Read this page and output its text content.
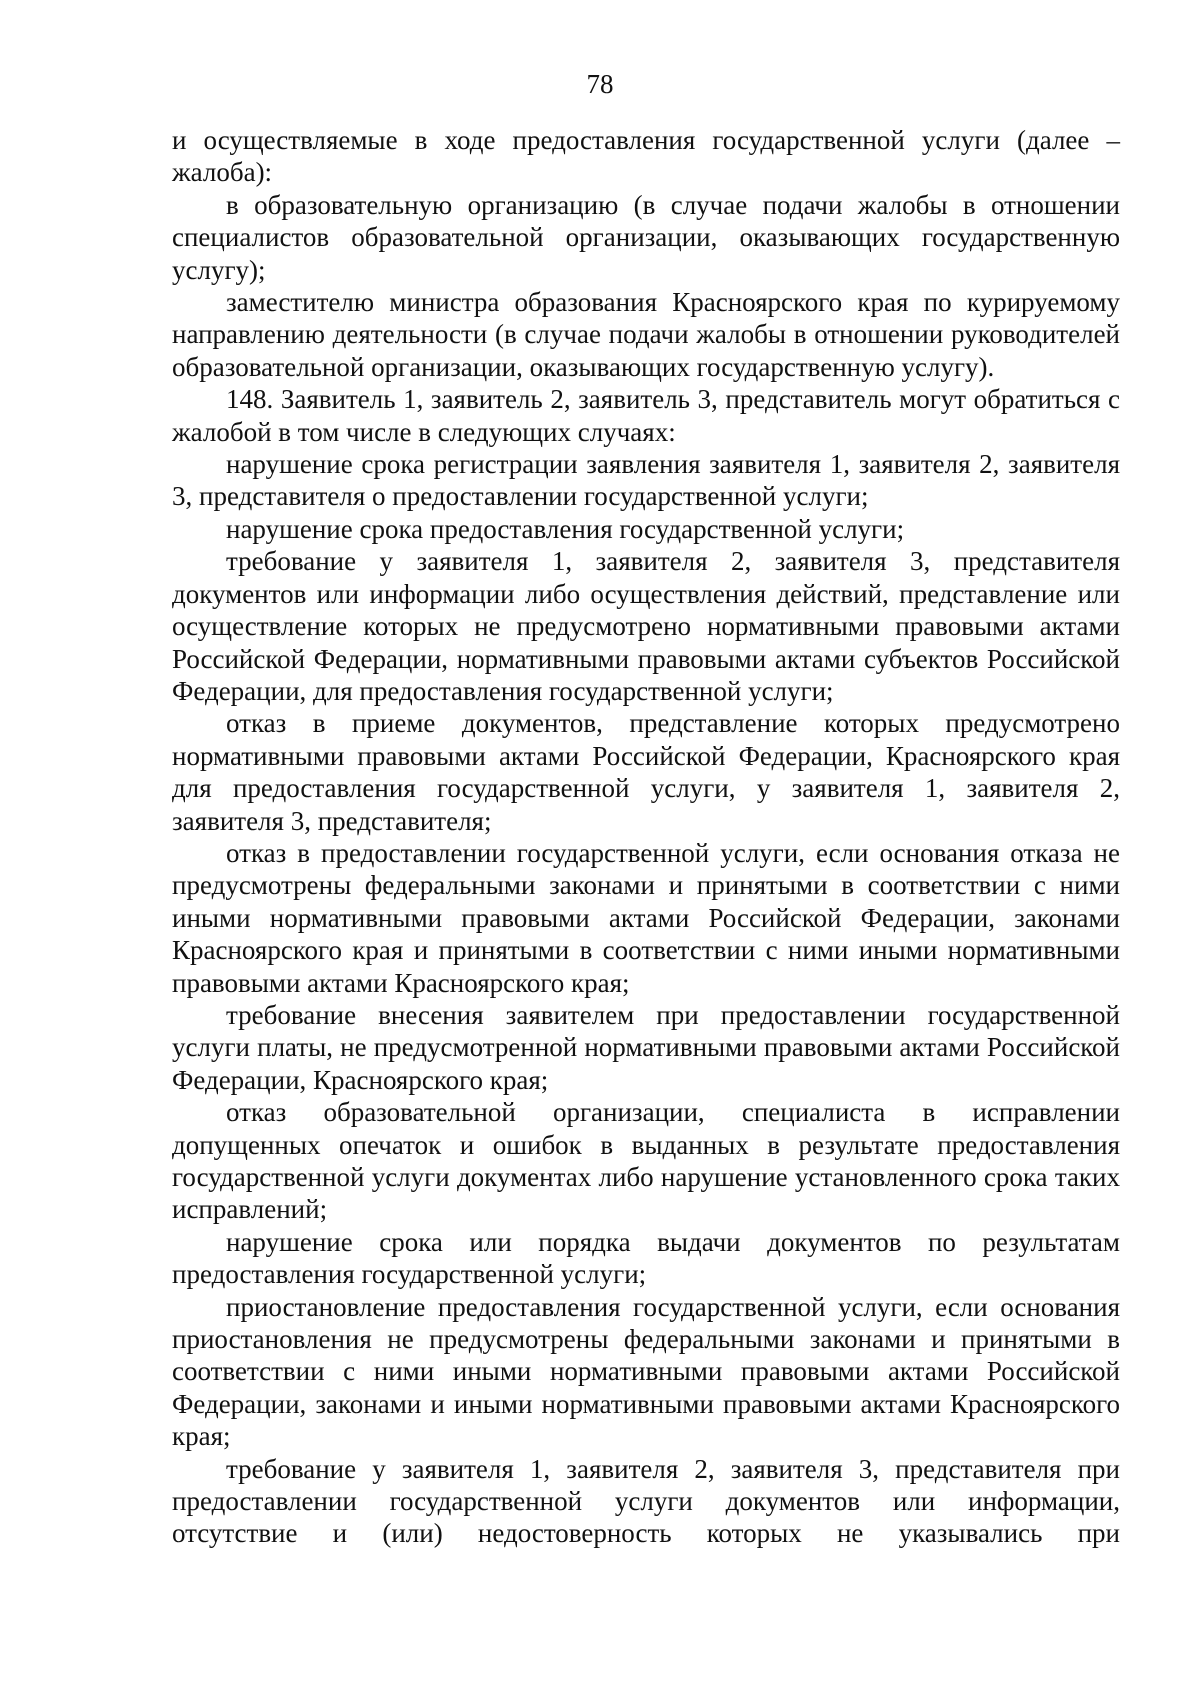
78

и осуществляемые в ходе предоставления государственной услуги (далее – жалоба):

в образовательную организацию (в случае подачи жалобы в отношении специалистов образовательной организации, оказывающих государственную услугу);

заместителю министра образования Красноярского края по курируемому направлению деятельности (в случае подачи жалобы в отношении руководителей образовательной организации, оказывающих государственную услугу).

148. Заявитель 1, заявитель 2, заявитель 3, представитель могут обратиться с жалобой в том числе в следующих случаях:

нарушение срока регистрации заявления заявителя 1, заявителя 2, заявителя 3, представителя о предоставлении государственной услуги;

нарушение срока предоставления государственной услуги;

требование у заявителя 1, заявителя 2, заявителя 3, представителя документов или информации либо осуществления действий, представление или осуществление которых не предусмотрено нормативными правовыми актами Российской Федерации, нормативными правовыми актами субъектов Российской Федерации, для предоставления государственной услуги;

отказ в приеме документов, представление которых предусмотрено нормативными правовыми актами Российской Федерации, Красноярского края для предоставления государственной услуги, у заявителя 1, заявителя 2, заявителя 3, представителя;

отказ в предоставлении государственной услуги, если основания отказа не предусмотрены федеральными законами и принятыми в соответствии с ними иными нормативными правовыми актами Российской Федерации, законами Красноярского края и принятыми в соответствии с ними иными нормативными правовыми актами Красноярского края;

требование внесения заявителем при предоставлении государственной услуги платы, не предусмотренной нормативными правовыми актами Российской Федерации, Красноярского края;

отказ образовательной организации, специалиста в исправлении допущенных опечаток и ошибок в выданных в результате предоставления государственной услуги документах либо нарушение установленного срока таких исправлений;

нарушение срока или порядка выдачи документов по результатам предоставления государственной услуги;

приостановление предоставления государственной услуги, если основания приостановления не предусмотрены федеральными законами и принятыми в соответствии с ними иными нормативными правовыми актами Российской Федерации, законами и иными нормативными правовыми актами Красноярского края;

требование у заявителя 1, заявителя 2, заявителя 3, представителя при предоставлении государственной услуги документов или информации, отсутствие и (или) недостоверность которых не указывались при
